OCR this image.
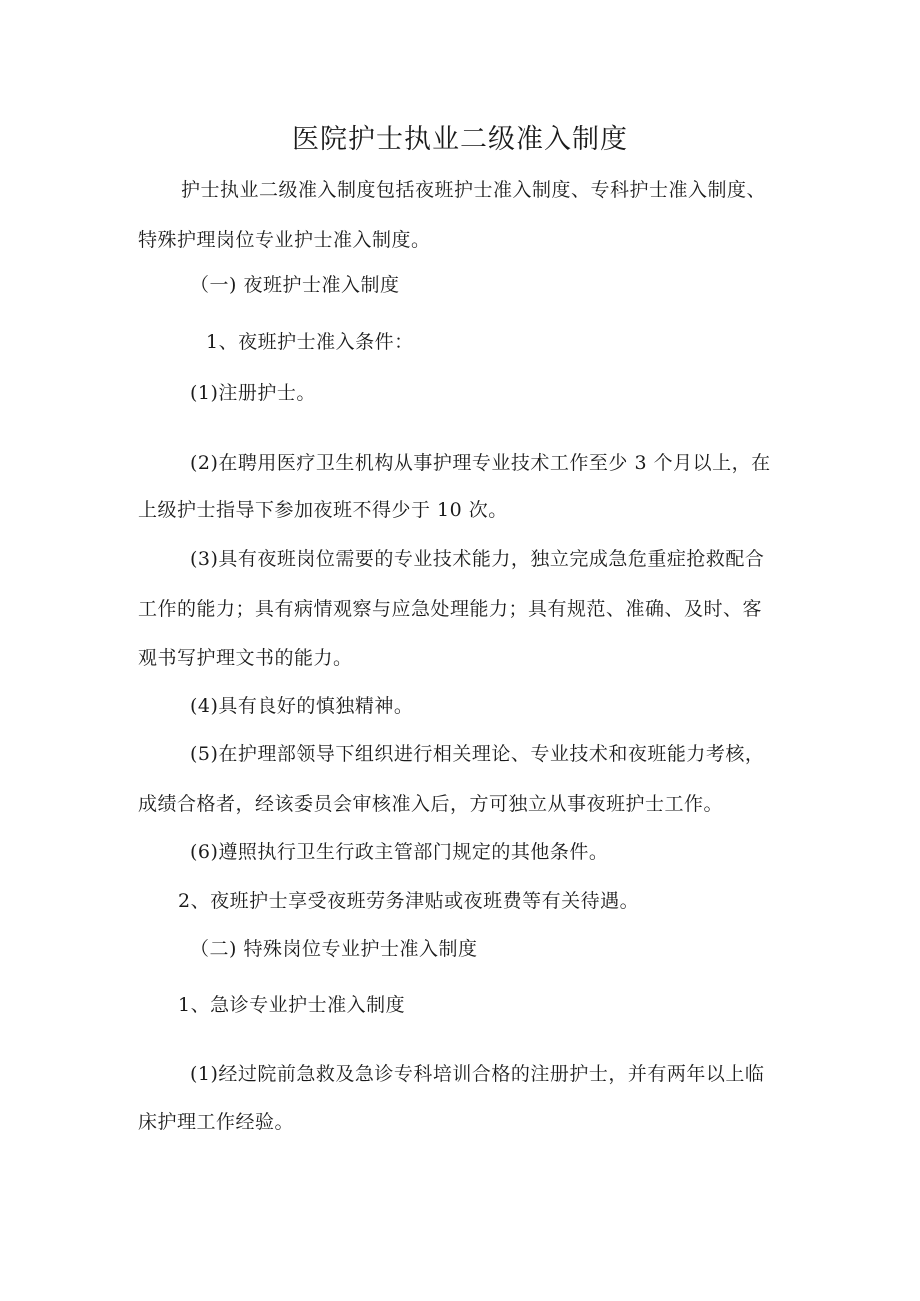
医院护士执业二级准入制度
护士执业二级准入制度包括夜班护士准入制度、专科护士准入制度、
特殊护理岗位专业护士准入制度。
（一) 夜班护士准入制度
1、夜班护士准入条件：
(1)注册护士。
(2)在聘用医疗卫生机构从事护理专业技术工作至少 3 个月以上，在
上级护士指导下参加夜班不得少于 10 次。
(3)具有夜班岗位需要的专业技术能力，独立完成急危重症抢救配合
工作的能力；具有病情观察与应急处理能力；具有规范、准确、及时、客
观书写护理文书的能力。
(4)具有良好的慎独精神。
(5)在护理部领导下组织进行相关理论、专业技术和夜班能力考核，
成绩合格者，经该委员会审核准入后，方可独立从事夜班护士工作。
(6)遵照执行卫生行政主管部门规定的其他条件。
2、夜班护士享受夜班劳务津贴或夜班费等有关待遇。
（二) 特殊岗位专业护士准入制度
1、急诊专业护士准入制度
(1)经过院前急救及急诊专科培训合格的注册护士，并有两年以上临
床护理工作经验。
